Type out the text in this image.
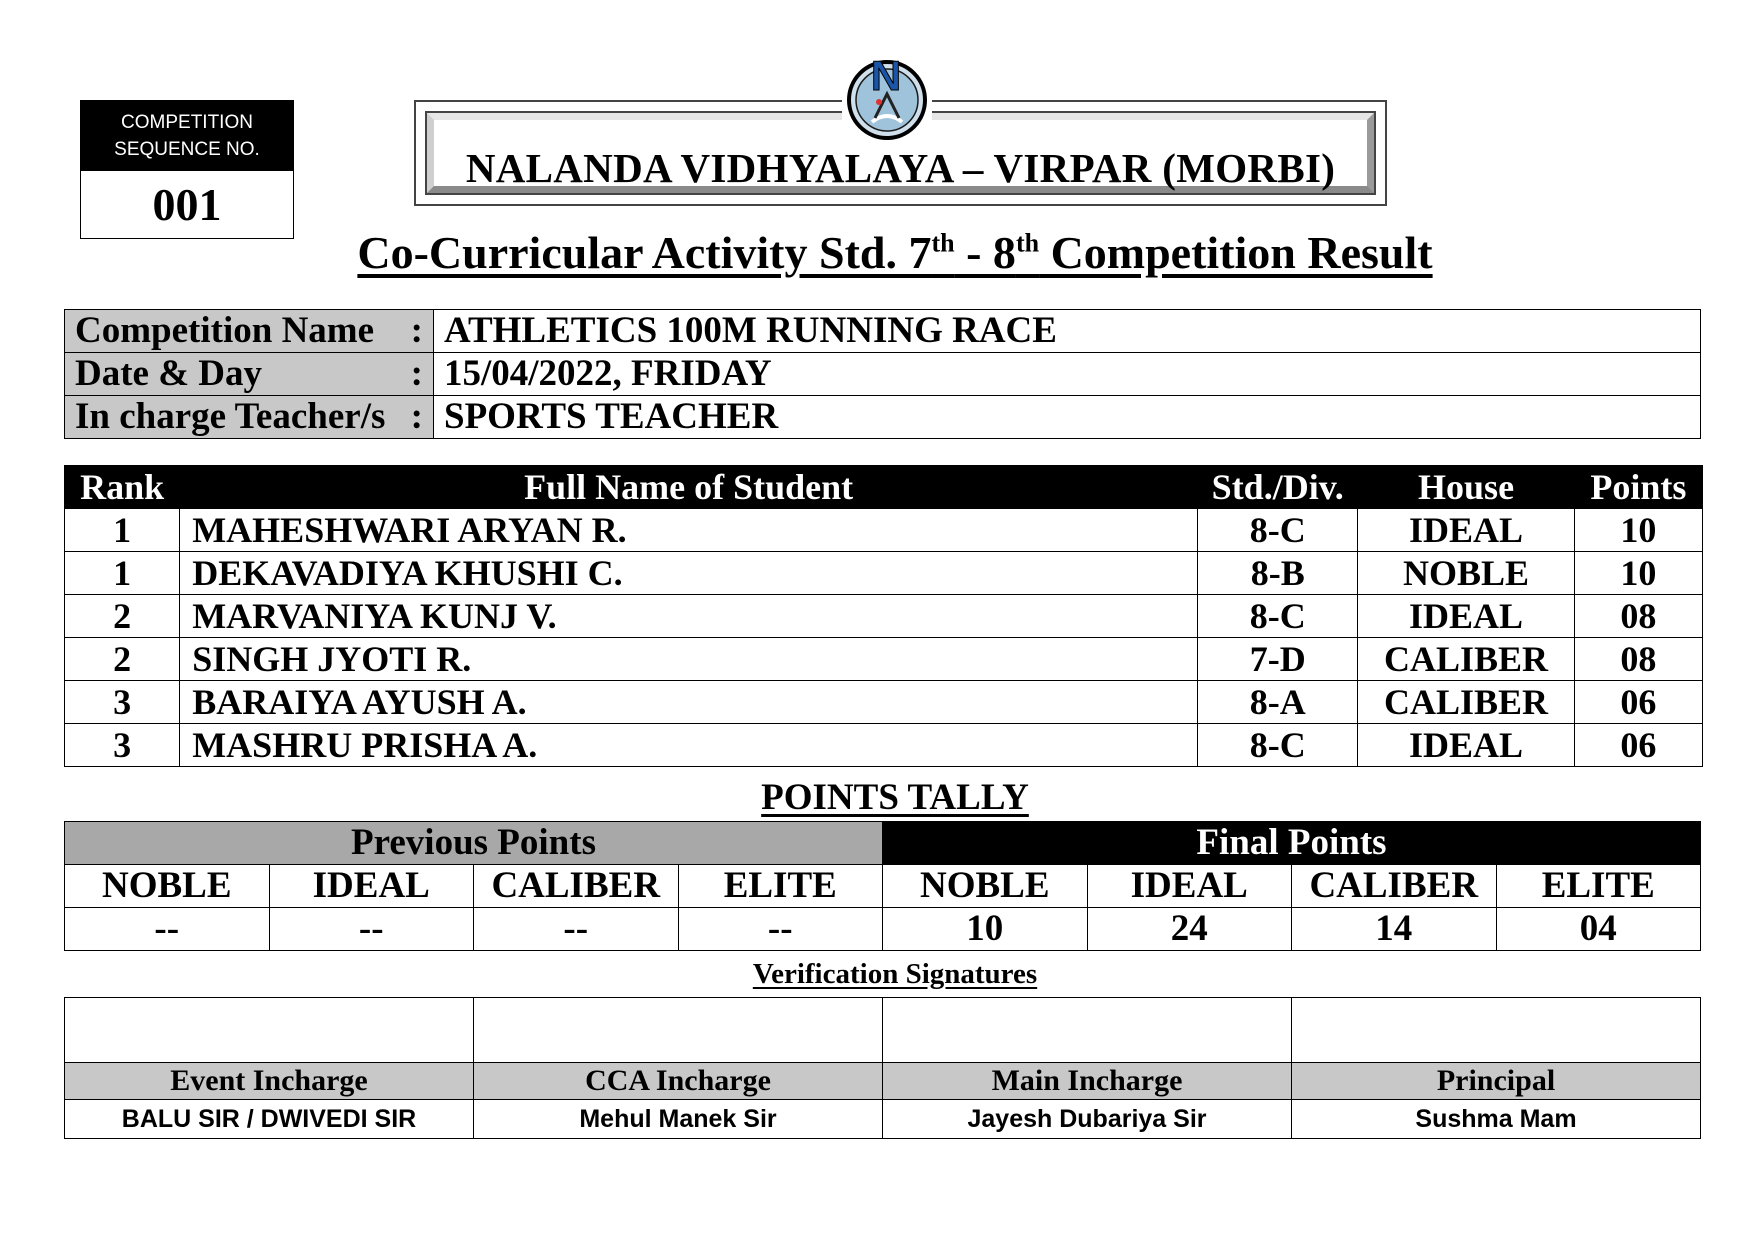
COMPETITION
SEQUENCE NO.
001
N
NALANDA VIDHYALAYA – VIRPAR (MORBI)
Co-Curricular Activity Std. 7th - 8th Competition Result
Competition Name :	ATHLETICS 100M RUNNING RACE
Date & Day :	15/04/2022, FRIDAY
In charge Teacher/s :	SPORTS TEACHER
Rank	Full Name of Student	Std./Div.	House	Points
1	MAHESHWARI ARYAN R.	8-C	IDEAL	10
1	DEKAVADIYA KHUSHI C.	8-B	NOBLE	10
2	MARVANIYA KUNJ V.	8-C	IDEAL	08
2	SINGH JYOTI R.	7-D	CALIBER	08
3	BARAIYA AYUSH A.	8-A	CALIBER	06
3	MASHRU PRISHA A.	8-C	IDEAL	06
POINTS TALLY
Previous Points				Final Points			
NOBLE	IDEAL	CALIBER	ELITE	NOBLE	IDEAL	CALIBER	ELITE
--	--	--	--	10	24	14	04
Verification Signatures

Event Incharge	CCA Incharge	Main Incharge	Principal
BALU SIR / DWIVEDI SIR	Mehul Manek Sir	Jayesh Dubariya Sir	Sushma Mam
